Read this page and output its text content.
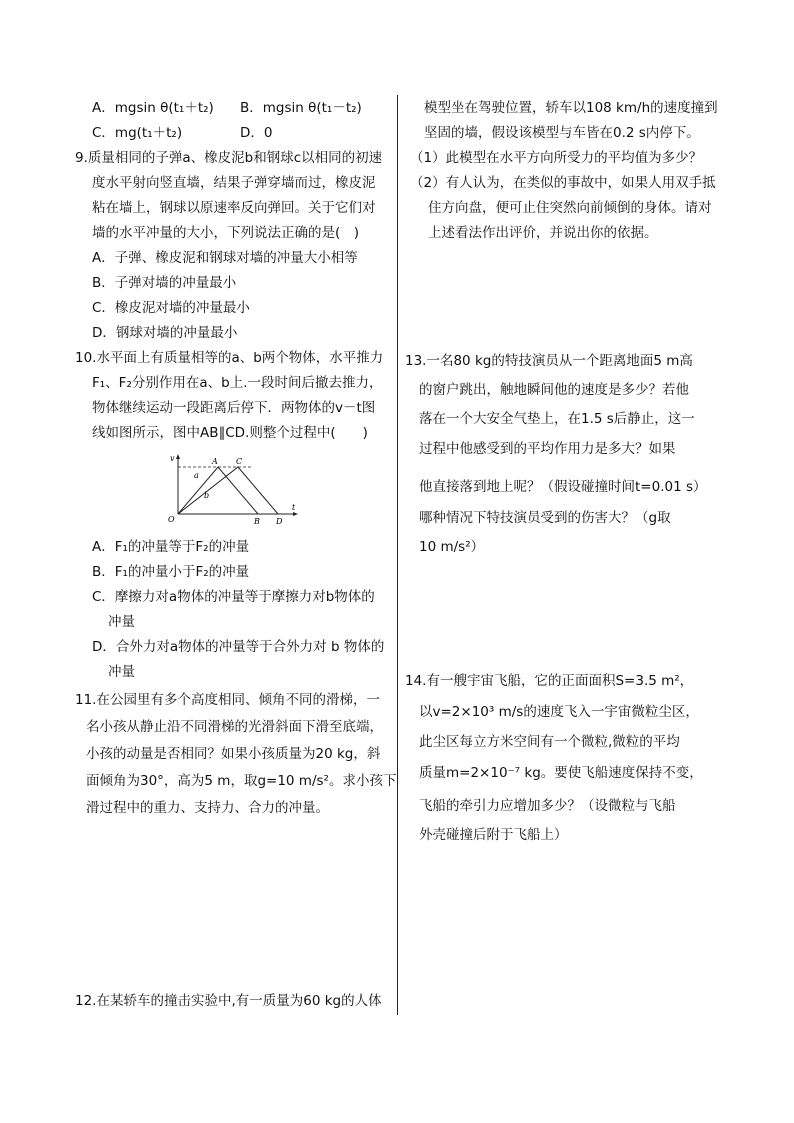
A．mgsin θ(t₁＋t₂) B．mgsin θ(t₁－t₂)
C．mg(t₁＋t₂)	D．0
9.质量相同的子弹a、橡皮泥b和钢球c以相同的初速
度水平射向竖直墙，结果子弹穿墙而过，橡皮泥
粘在墙上，钢球以原速率反向弹回。关于它们对
墙的水平冲量的大小，下列说法正确的是(　)
A．子弹、橡皮泥和钢球对墙的冲量大小相等
B．子弹对墙的冲量最小
C．橡皮泥对墙的冲量最小
D．钢球对墙的冲量最小
10.水平面上有质量相等的a、b两个物体，水平推力
F₁、F₂分别作用在a、b上.一段时间后撤去推力，
物体继续运动一段距离后停下．两物体的v－t图
线如图所示，图中AB∥CD.则整个过程中(　　)
v
t
O
A C
B D
a
b
A．F₁的冲量等于F₂的冲量
B．F₁的冲量小于F₂的冲量
C．摩擦力对a物体的冲量等于摩擦力对b物体的
冲量
D．合外力对a物体的冲量等于合外力对 b 物体的
冲量
11.在公园里有多个高度相同、倾角不同的滑梯，一
名小孩从静止沿不同滑梯的光滑斜面下滑至底端，
小孩的动量是否相同？如果小孩质量为20 kg，斜
面倾角为30°，高为5 m，取g=10 m/s²。求小孩下
滑过程中的重力、支持力、合力的冲量。
12.在某轿车的撞击实验中,有一质量为60 kg的人体
模型坐在驾驶位置，轿车以108 km/h的速度撞到
坚固的墙，假设该模型与车皆在0.2 s内停下。
（1）此模型在水平方向所受力的平均值为多少？
（2）有人认为，在类似的事故中，如果人用双手抵
住方向盘，便可止住突然向前倾倒的身体。请对
上述看法作出评价，并说出你的依据。
13.一名80 kg的特技演员从一个距离地面5 m高
的窗户跳出，触地瞬间他的速度是多少？若他
落在一个大安全气垫上，在1.5 s后静止，这一
过程中他感受到的平均作用力是多大？如果
他直接落到地上呢？（假设碰撞时间t=0.01 s）
哪种情况下特技演员受到的伤害大？（g取
10 m/s²）
14.有一艘宇宙飞船，它的正面面积S=3.5 m²，
以v=2×10³ m/s的速度飞入一宇宙微粒尘区，
此尘区每立方米空间有一个微粒,微粒的平均
质量m=2×10⁻⁷ kg。要使飞船速度保持不变，
飞船的牵引力应增加多少？（设微粒与飞船
外壳碰撞后附于飞船上）
